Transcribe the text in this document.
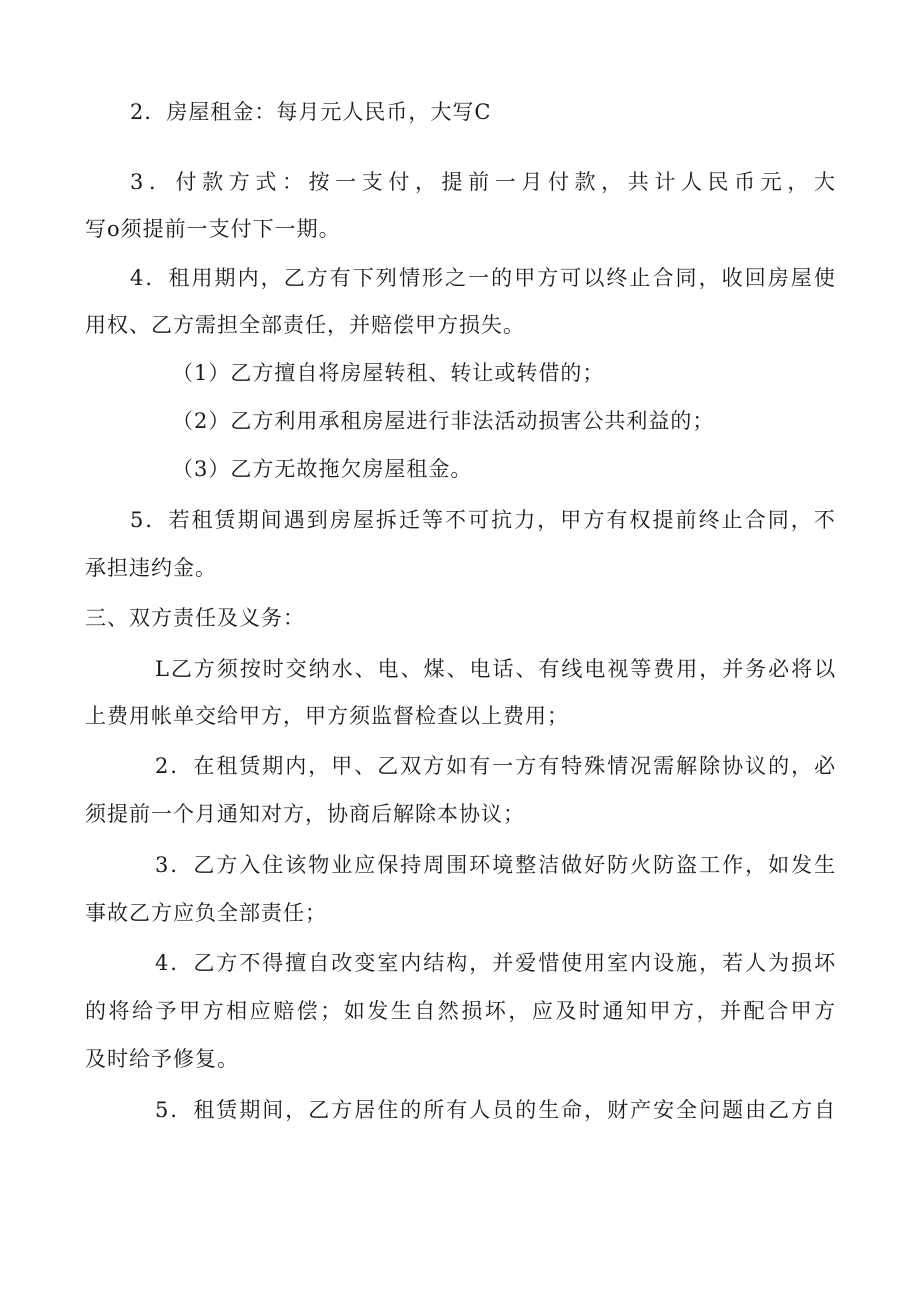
2．房屋租金：每月元人民币，大写C
3．付款方式：按一支付，提前一月付款，共计人民币元，大
写o须提前一支付下一期。
4．租用期内，乙方有下列情形之一的甲方可以终止合同，收回房屋使
用权、乙方需担全部责任，并赔偿甲方损失。
（1）乙方擅自将房屋转租、转让或转借的；
（2）乙方利用承租房屋进行非法活动损害公共利益的；
（3）乙方无故拖欠房屋租金。
5．若租赁期间遇到房屋拆迁等不可抗力，甲方有权提前终止合同，不
承担违约金。
三、双方责任及义务：
L乙方须按时交纳水、电、煤、电话、有线电视等费用，并务必将以
上费用帐单交给甲方，甲方须监督检查以上费用；
2．在租赁期内，甲、乙双方如有一方有特殊情况需解除协议的，必
须提前一个月通知对方，协商后解除本协议；
3．乙方入住该物业应保持周围环境整洁做好防火防盗工作，如发生
事故乙方应负全部责任；
4．乙方不得擅自改变室内结构，并爱惜使用室内设施，若人为损坏
的将给予甲方相应赔偿；如发生自然损坏，应及时通知甲方，并配合甲方
及时给予修复。
5．租赁期间，乙方居住的所有人员的生命，财产安全问题由乙方自
